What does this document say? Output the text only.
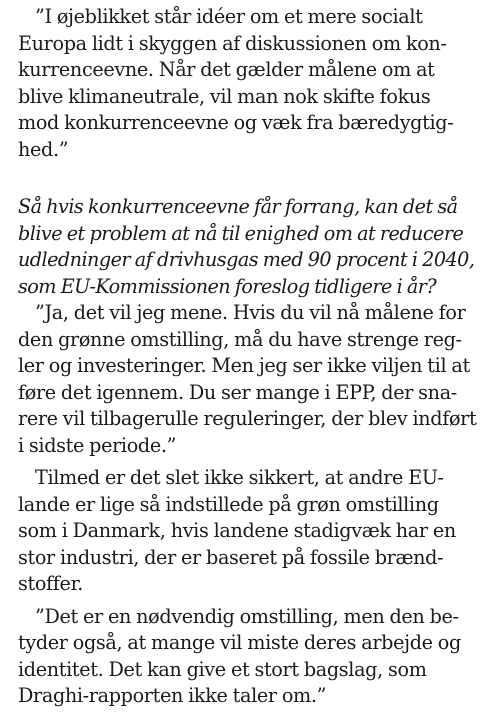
”I øjeblikket står idéer om et mere socialt
Europa lidt i skyggen af diskussionen om kon-
kurrenceevne. Når det gælder målene om at
blive klimaneutrale, vil man nok skifte fokus
mod konkurrenceevne og væk fra bæredygtig-
hed.”

Så hvis konkurrenceevne får forrang, kan det så
blive et problem at nå til enighed om at reducere
udledninger af drivhusgas med 90 procent i 2040,
som EU-Kommissionen foreslog tidligere i år?

”Ja, det vil jeg mene. Hvis du vil nå målene for
den grønne omstilling, må du have strenge reg-
ler og investeringer. Men jeg ser ikke viljen til at
føre det igennem. Du ser mange i EPP, der sna-
rere vil tilbagerulle reguleringer, der blev indført
i sidste periode.”

Tilmed er det slet ikke sikkert, at andre EU-
lande er lige så indstillede på grøn omstilling
som i Danmark, hvis landene stadigvæk har en
stor industri, der er baseret på fossile brænd-
stoffer.

”Det er en nødvendig omstilling, men den be-
tyder også, at mange vil miste deres arbejde og
identitet. Det kan give et stort bagslag, som
Draghi-rapporten ikke taler om.”
